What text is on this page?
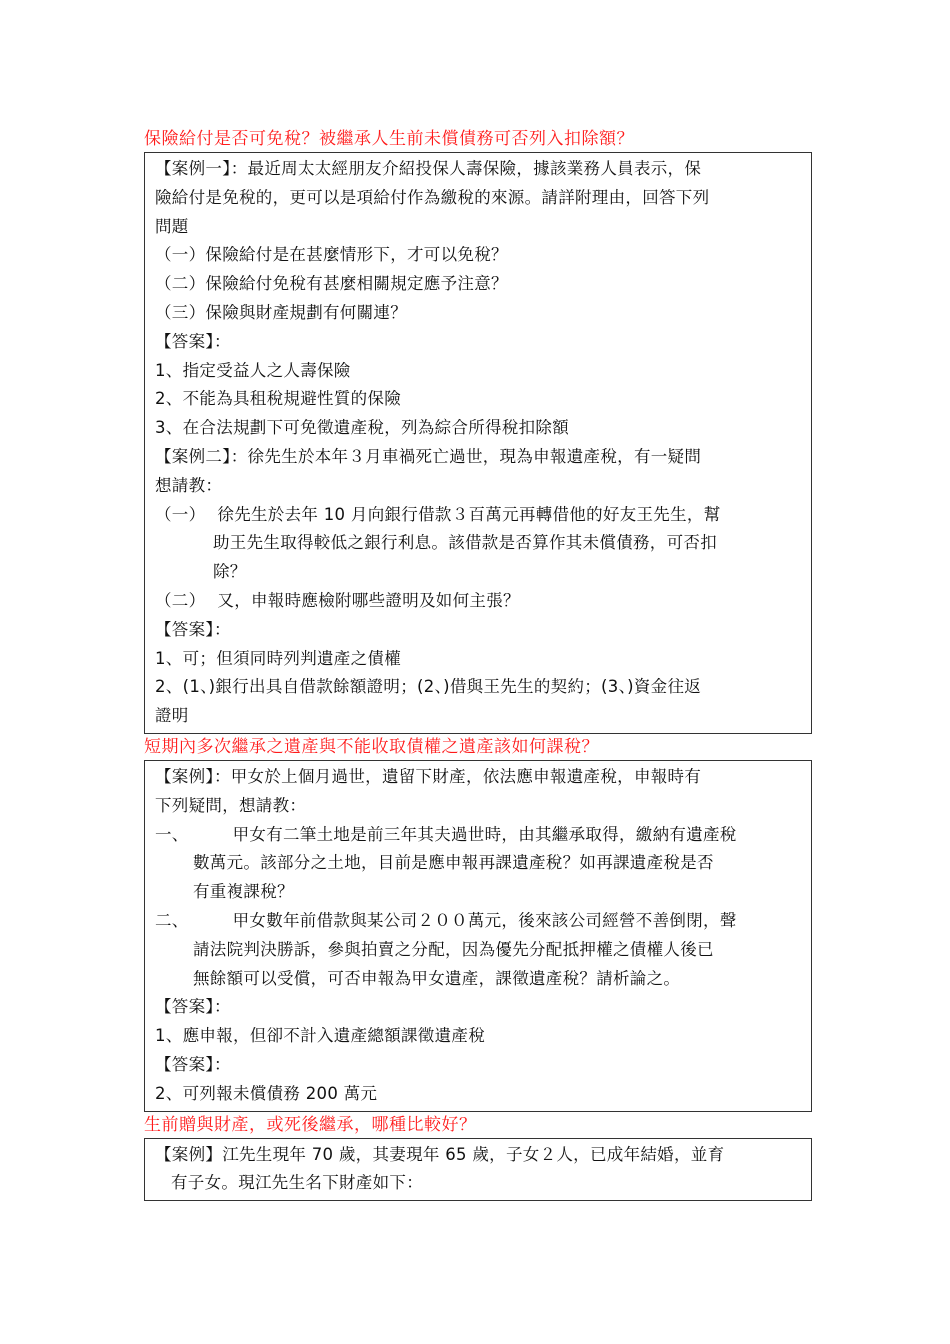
保險給付是否可免稅？被繼承人生前未償債務可否列入扣除額？
【案例一】：最近周太太經朋友介紹投保人壽保險，據該業務人員表示，保
險給付是免稅的，更可以是項給付作為繳稅的來源。請詳附理由，回答下列
問題
（一）保險給付是在甚麼情形下，才可以免稅？
（二）保險給付免稅有甚麼相關規定應予注意？
（三）保險與財產規劃有何關連？
【答案】：
1、指定受益人之人壽保險
2、不能為具租稅規避性質的保險
3、在合法規劃下可免徵遺產稅，列為綜合所得稅扣除額
【案例二】：徐先生於本年３月車禍死亡過世，現為申報遺產稅，有一疑問
想請教：
（一） 徐先生於去年 10 月向銀行借款３百萬元再轉借他的好友王先生，幫
助王先生取得較低之銀行利息。該借款是否算作其未償債務，可否扣
除？
（二） 又，申報時應檢附哪些證明及如何主張？
【答案】：
1、可；但須同時列判遺產之債權
2、(1、)銀行出具自借款餘額證明；(2、)借與王先生的契約；(3、)資金往返
證明
短期內多次繼承之遺產與不能收取債權之遺產該如何課稅？
【案例】：甲女於上個月過世，遺留下財產，依法應申報遺產稅，申報時有
下列疑問，想請教：
一、	甲女有二筆土地是前三年其夫過世時，由其繼承取得，繳納有遺產稅
數萬元。該部分之土地，目前是應申報再課遺產稅？如再課遺產稅是否
有重複課稅？
二、	甲女數年前借款與某公司２００萬元，後來該公司經營不善倒閉，聲
請法院判決勝訴，參與拍賣之分配，因為優先分配抵押權之債權人後已
無餘額可以受償，可否申報為甲女遺產，課徵遺產稅？請析論之。
【答案】：
1、應申報，但卻不計入遺產總額課徵遺產稅
【答案】：
2、可列報未償債務 200 萬元
生前贈與財產，或死後繼承，哪種比較好？
【案例】江先生現年 70 歲，其妻現年 65 歲，子女２人，已成年結婚，並育
有子女。現江先生名下財產如下：
